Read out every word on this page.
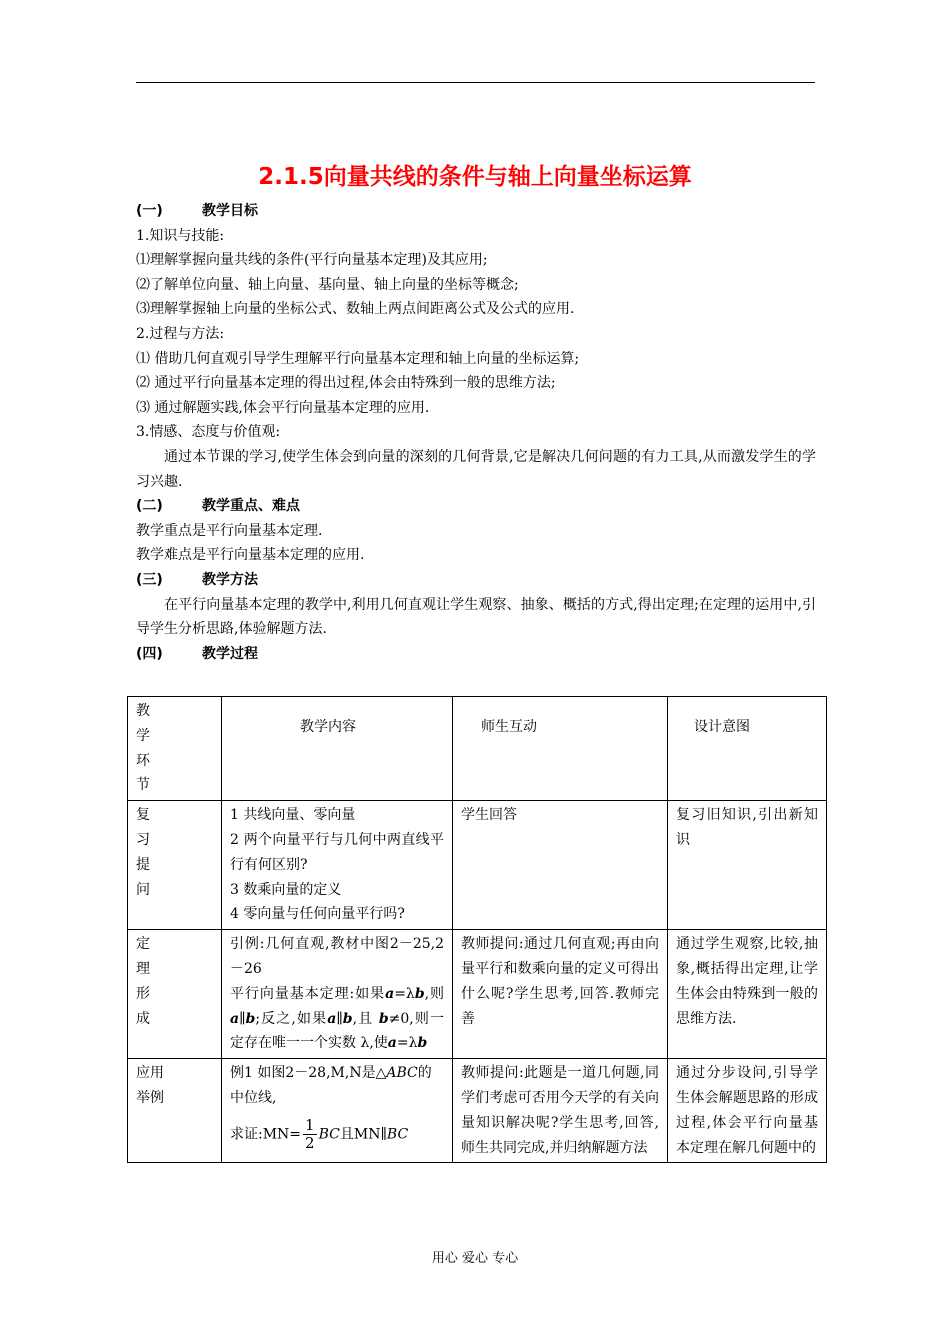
2.1.5向量共线的条件与轴上向量坐标运算
(一)	教学目标
1.知识与技能:
⑴理解掌握向量共线的条件(平行向量基本定理)及其应用;
⑵了解单位向量、轴上向量、基向量、轴上向量的坐标等概念;
⑶理解掌握轴上向量的坐标公式、数轴上两点间距离公式及公式的应用.
2.过程与方法:
⑴ 借助几何直观引导学生理解平行向量基本定理和轴上向量的坐标运算;
⑵ 通过平行向量基本定理的得出过程,体会由特殊到一般的思维方法;
⑶ 通过解题实践,体会平行向量基本定理的应用.
3.情感、态度与价值观:
通过本节课的学习,使学生体会到向量的深刻的几何背景,它是解决几何问题的有力工具,从而激发学生的学习兴趣.
(二)	教学重点、难点
教学重点是平行向量基本定理.
教学难点是平行向量基本定理的应用.
(三)	教学方法
在平行向量基本定理的教学中,利用几何直观让学生观察、抽象、概括的方式,得出定理;在定理的运用中,引导学生分析思路,体验解题方法.
(四)	教学过程
教学环节	教学内容	师生互动	设计意图

复习提问	1 共线向量、零向量
2 两个向量平行与几何中两直线平行有何区别?
3 数乘向量的定义
4 零向量与任何向量平行吗?	学生回答	复习旧知识,引出新知识

定理形成	引例:几何直观,教材中图2－25,2－26
平行向量基本定理:如果a=λb,则 a∥b;反之,如果a∥b,且 b≠0,则一定存在唯一一个实数 λ,使a=λb	教师提问:通过几何直观;再由向量平行和数乘向量的定义可得出什么呢?学生思考,回答.教师完善	通过学生观察,比较,抽象,概括得出定理,让学生体会由特殊到一般的思维方法.

应用举例	例1 如图2－28,M,N是△ABC的中位线,
求证:MN= $\frac{1}{2}$ BC且MN∥BC	教师提问:此题是一道几何题,同学们考虑可否用今天学的有关向量知识解决呢?学生思考,回答,师生共同完成,并归纳解题方法	通过分步设问,引导学生体会解题思路的形成过程,体会平行向量基本定理在解几何题中的
用心 爱心 专心
